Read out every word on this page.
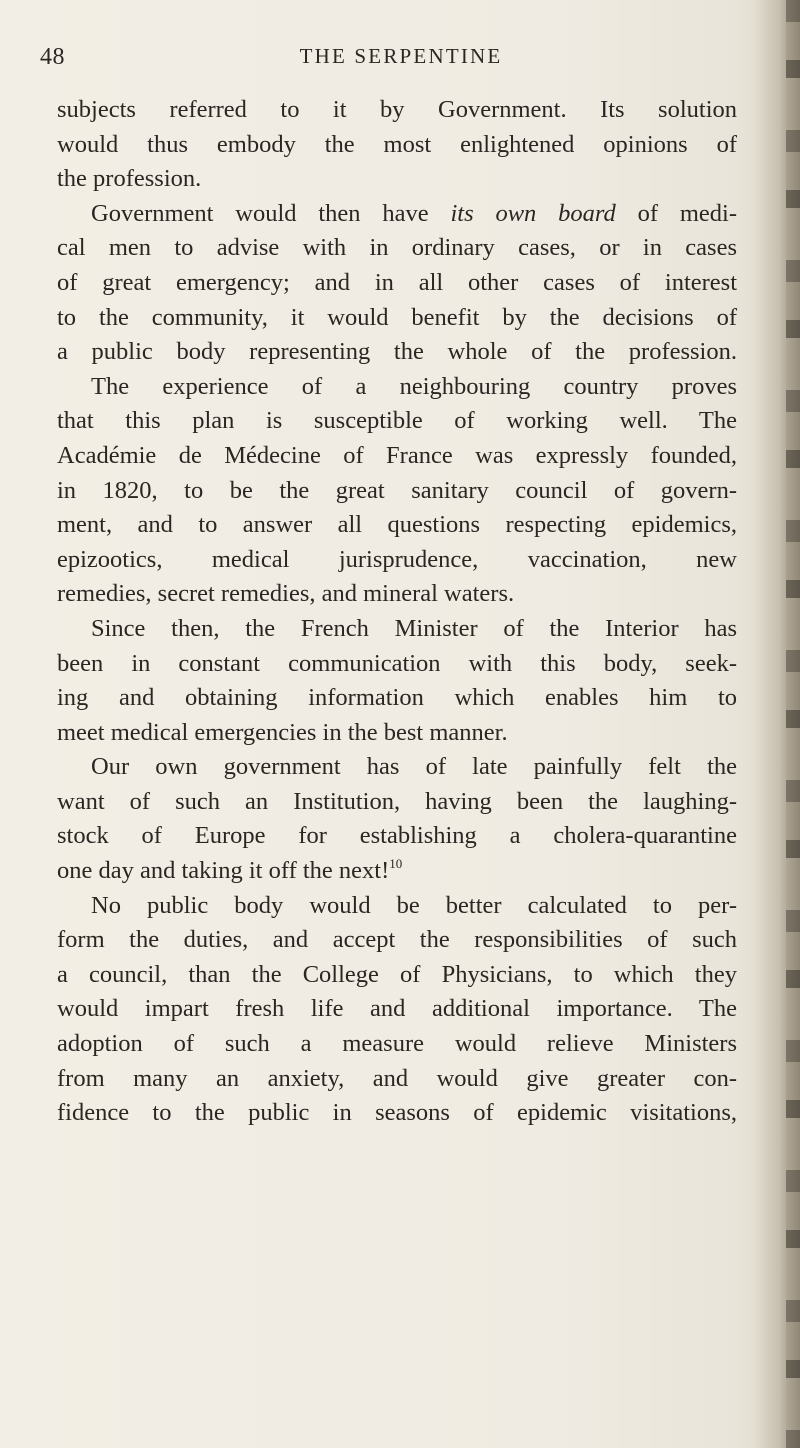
48	THE SERPENTINE
subjects referred to it by Government. Its solution
would thus embody the most enlightened opinions of
the profession.
Government would then have its own board of medi-
cal men to advise with in ordinary cases, or in cases
of great emergency; and in all other cases of interest
to the community, it would benefit by the decisions of
a public body representing the whole of the profession.
The experience of a neighbouring country proves
that this plan is susceptible of working well. The
Académie de Médecine of France was expressly founded,
in 1820, to be the great sanitary council of govern-
ment, and to answer all questions respecting epidemics,
epizootics, medical jurisprudence, vaccination, new
remedies, secret remedies, and mineral waters.
Since then, the French Minister of the Interior has
been in constant communication with this body, seek-
ing and obtaining information which enables him to
meet medical emergencies in the best manner.
Our own government has of late painfully felt the
want of such an Institution, having been the laughing-
stock of Europe for establishing a cholera-quarantine
one day and taking it off the next!$^{10}$
No public body would be better calculated to per-
form the duties, and accept the responsibilities of such
a council, than the College of Physicians, to which they
would impart fresh life and additional importance. The
adoption of such a measure would relieve Ministers
from many an anxiety, and would give greater con-
fidence to the public in seasons of epidemic visitations,
